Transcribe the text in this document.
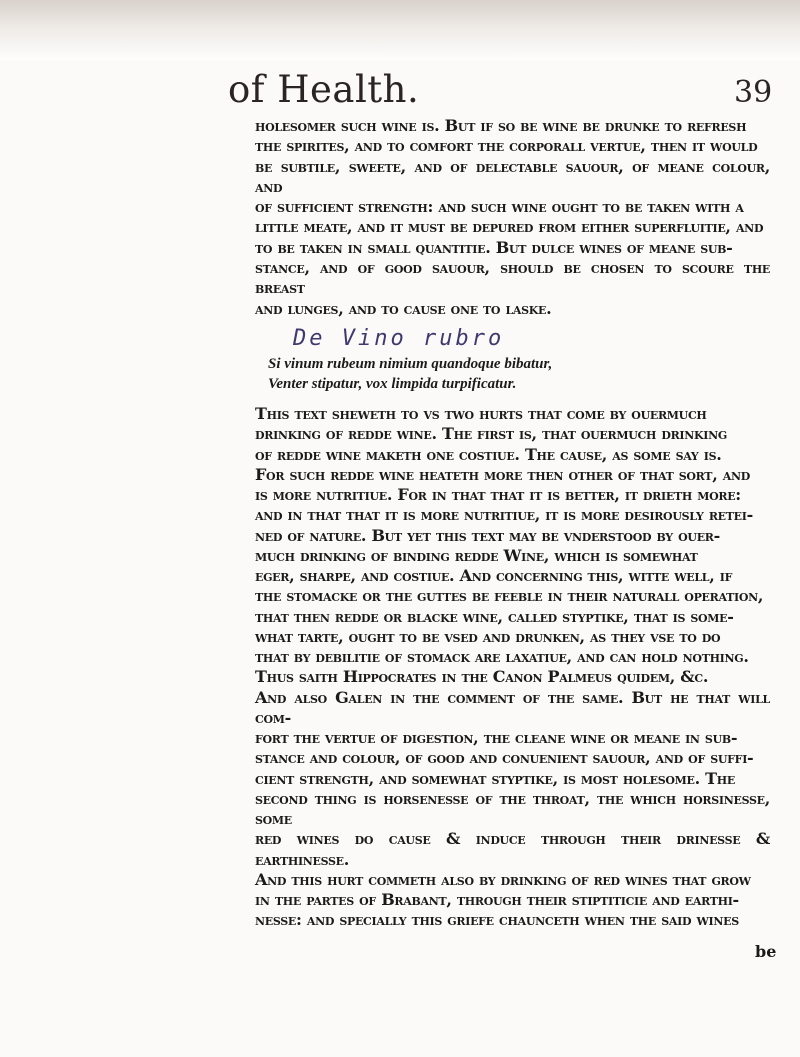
of Health.	39
holesomer such wine is. But if so be wine be drunke to refresh
the spirites, and to comfort the corporall vertue, then it would
be subtile, sweete, and of delectable sauour, of meane colour, and
of sufficient strength: and such wine ought to be taken with a
little meate, and it must be depured from either superfluitie, and
to be taken in small quantitie. But dulce wines of meane sub-
stance, and of good sauour, should be chosen to scoure the breast
and lunges, and to cause one to laske.
De Vino rubro
Si vinum rubeum nimium quandoque bibatur,
Venter stipatur, vox limpida turpificatur.
This text sheweth to vs two hurts that come by ouermuch
drinking of redde wine. The first is, that ouermuch drinking
of redde wine maketh one costiue. The cause, as some say is.
For such redde wine heateth more then other of that sort, and
is more nutritiue. For in that that it is better, it drieth more:
and in that that it is more nutritiue, it is more desirously retei-
ned of nature. But yet this text may be vnderstood by ouer-
much drinking of binding redde Wine, which is somewhat
eger, sharpe, and costiue. And concerning this, witte well, if
the stomacke or the guttes be feeble in their naturall operation,
that then redde or blacke wine, called styptike, that is some-
what tarte, ought to be vsed and drunken, as they vse to do
that by debilitie of stomack are laxatiue, and can hold nothing.
Thus saith Hippocrates in the Canon Palmeus quidem, &c.
And also Galen in the comment of the same. But he that will com-
fort the vertue of digestion, the cleane wine or meane in sub-
stance and colour, of good and conuenient sauour, and of suffi-
cient strength, and somewhat styptike, is most holesome. The
second thing is horsenesse of the throat, the which horsinesse, some
red wines do cause & induce through their drinesse & earthinesse.
And this hurt commeth also by drinking of red wines that grow
in the partes of Brabant, through their stiptiticie and earthi-
nesse: and specially this griefe chaunceth when the said wines
be
